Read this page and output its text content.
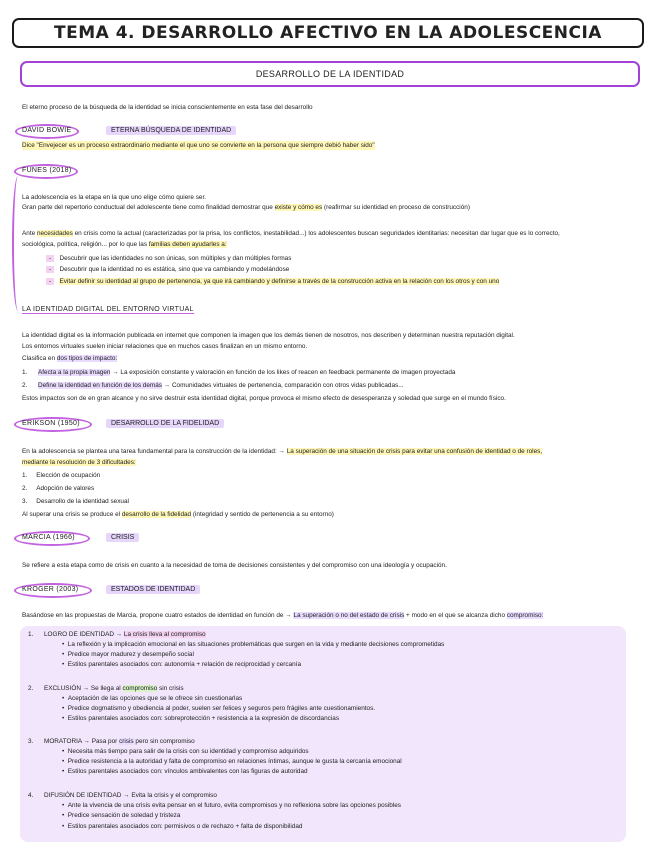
TEMA 4. DESARROLLO AFECTIVO EN LA ADOLESCENCIA
DESARROLLO DE LA IDENTIDAD
El eterno proceso de la búsqueda de la identidad se inicia conscientemente en esta fase del desarrollo
DAVID BOWIE	ETERNA BÚSQUEDA DE IDENTIDAD
Dice "Envejecer es un proceso extraordinario mediante el que uno se convierte en la persona que siempre debió haber sido"
FUNES (2018)
La adolescencia es la etapa en la que uno elige cómo quiere ser.
Gran parte del repertorio conductual del adolescente tiene como finalidad demostrar que existe y cómo es (reafirmar su identidad en proceso de construcción)
Ante necesidades en crisis como la actual (caracterizadas por la prisa, los conflictos, inestabilidad...) los adolescentes buscan seguridades identitarias: necesitan dar lugar que es lo correcto,
sociológica, política, religión... por lo que las familias deben ayudarles a:
- Descubrir que las identidades no son únicas, son múltiples y dan múltiples formas
- Descubrir que la identidad no es estática, sino que va cambiando y modelándose
- Evitar definir su identidad al grupo de pertenencia, ya que irá cambiando y definirse a través de la construcción activa en la relación con los otros y con uno
LA IDENTIDAD DIGITAL DEL ENTORNO VIRTUAL
La identidad digital es la información publicada en internet que componen la imagen que los demás tienen de nosotros, nos describen y determinan nuestra reputación digital.
Los entornos virtuales suelen iniciar relaciones que en muchos casos finalizan en un mismo entorno.
Clasifica en dos tipos de impacto:
1. Afecta a la propia imagen → La exposición constante y valoración en función de los likes of reacen en feedback permanente de imagen proyectada
2. Define la identidad en función de los demás → Comunidades virtuales de pertenencia, comparación con otros vidas publicadas...
Estos impactos son de en gran alcance y no sirve destruir esta identidad digital, porque provoca el mismo efecto de desesperanza y soledad que surge en el mundo físico.
ERIKSON (1950)	DESARROLLO DE LA FIDELIDAD
En la adolescencia se plantea una tarea fundamental para la construcción de la identidad: → La superación de una situación de crisis para evitar una confusión de identidad o de roles,
mediante la resolución de 3 dificultades:
1. Elección de ocupación
2. Adopción de valores
3. Desarrollo de la identidad sexual
Al superar una crisis se produce el desarrollo de la fidelidad (integridad y sentido de pertenencia a su entorno)
MARCIA (1966)	CRISIS
Se refiere a esta etapa como de crisis en cuanto a la necesidad de toma de decisiones consistentes y del compromiso con una ideología y ocupación.
KROGER (2003)	ESTADOS DE IDENTIDAD
Basándose en las propuestas de Marcia, propone cuatro estados de identidad en función de → La superación o no del estado de crisis + modo en el que se alcanza dicho compromiso:
1. LOGRO DE IDENTIDAD → La crisis lleva al compromiso
•  La reflexión y la implicación emocional en las situaciones problemáticas que surgen en la vida y mediante decisiones comprometidas
•  Predice mayor madurez y desempeño social
•  Estilos parentales asociados con: autonomía + relación de reciprocidad y cercanía
2. EXCLUSIÓN → Se llega al compromiso sin crisis
•  Aceptación de las opciones que se le ofrece sin cuestionarlas
•  Predice dogmatismo y obediencia al poder, suelen ser felices y seguros pero frágiles ante cuestionamientos.
•  Estilos parentales asociados con: sobreprotección + resistencia a la expresión de discordancias
3. MORATORIA → Pasa por crisis pero sin compromiso
•  Necesita más tiempo para salir de la crisis con su identidad y compromiso adquiridos
•  Predice resistencia a la autoridad y falta de compromiso en relaciones íntimas, aunque le gusta la cercanía emocional
•  Estilos parentales asociados con: vínculos ambivalentes con las figuras de autoridad
4. DIFUSIÓN DE IDENTIDAD → Evita la crisis y el compromiso
•  Ante la vivencia de una crisis evita pensar en el futuro, evita compromisos y no reflexiona sobre las opciones posibles
•  Predice sensación de soledad y tristeza
•  Estilos parentales asociados con: permisivos o de rechazo + falta de disponibilidad
